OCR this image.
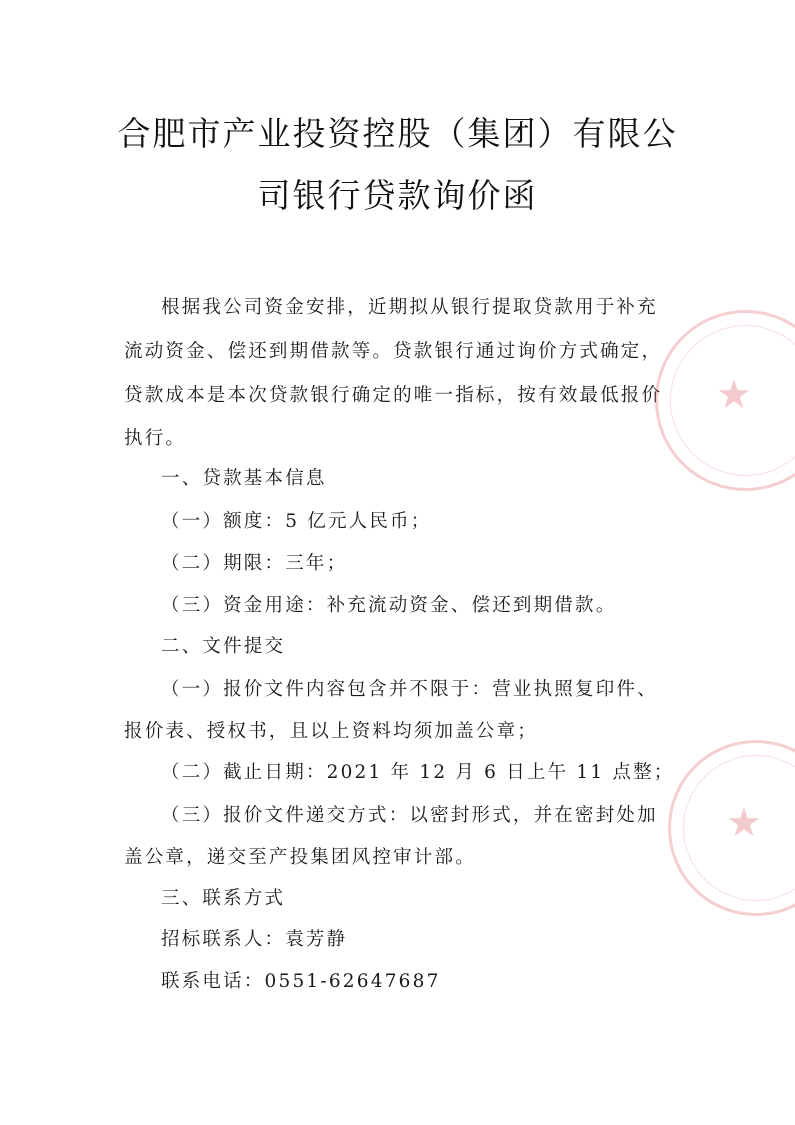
合肥市产业投资控股（集团）有限公
司银行贷款询价函
根据我公司资金安排，近期拟从银行提取贷款用于补充
流动资金、偿还到期借款等。贷款银行通过询价方式确定，
贷款成本是本次贷款银行确定的唯一指标，按有效最低报价
执行。
一、贷款基本信息
（一）额度：5 亿元人民币；
（二）期限：三年；
（三）资金用途：补充流动资金、偿还到期借款。
二、文件提交
（一）报价文件内容包含并不限于：营业执照复印件、
报价表、授权书，且以上资料均须加盖公章；
（二）截止日期：2021 年 12 月 6 日上午 11 点整；
（三）报价文件递交方式：以密封形式，并在密封处加
盖公章，递交至产投集团风控审计部。
三、联系方式
招标联系人：袁芳静
联系电话：0551-62647687
★
★
